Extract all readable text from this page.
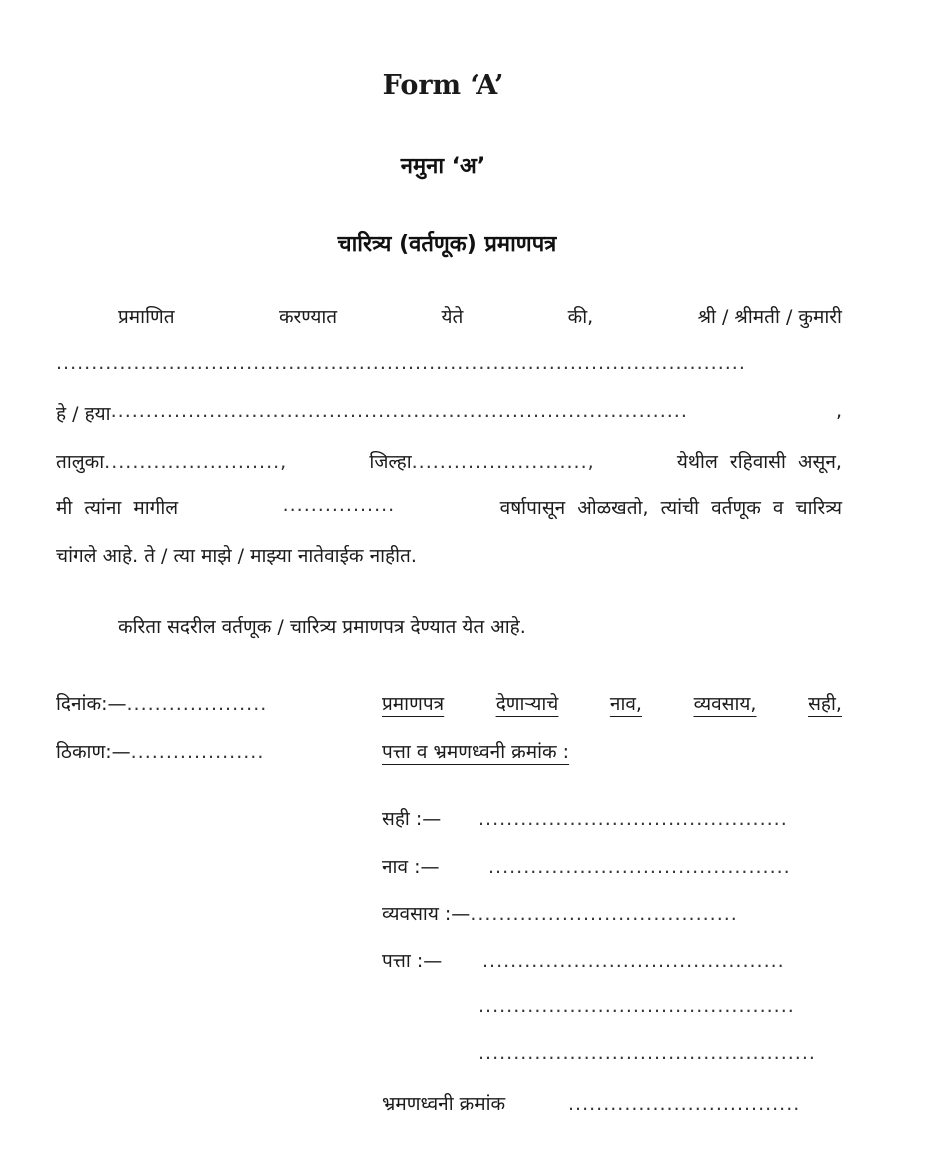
Form ‘A’
नमुना ‘अ’
चारित्र्य (वर्तणूक) प्रमाणपत्र
प्रमाणित	करण्यात	येते	की,	श्री / श्रीमती / कुमारी
..................................................................................................
हे / हया ..................................................................................	,
तालुका.........................,	जिल्हा.........................,	येथील  रहिवासी  असून,
मी  त्यांना  मागील	................	वर्षापासून  ओळखतो,  त्यांची  वर्तणूक  व  चारित्र्य
चांगले आहे. ते / त्या माझे / माझ्या नातेवाईक नाहीत.
करिता सदरील वर्तणूक / चारित्र्य प्रमाणपत्र देण्यात येत आहे.
दिनांक:—....................
ठिकाण:—...................
प्रमाणपत्र	देणाऱ्याचे	नाव,	व्यवसाय,	सही,
पत्ता व भ्रमणध्वनी क्रमांक :
सही :— ............................................
नाव :—	...........................................
व्यवसाय :—......................................
पत्ता :— ...........................................
.............................................
................................................
भ्रमणध्वनी क्रमांक	.................................
